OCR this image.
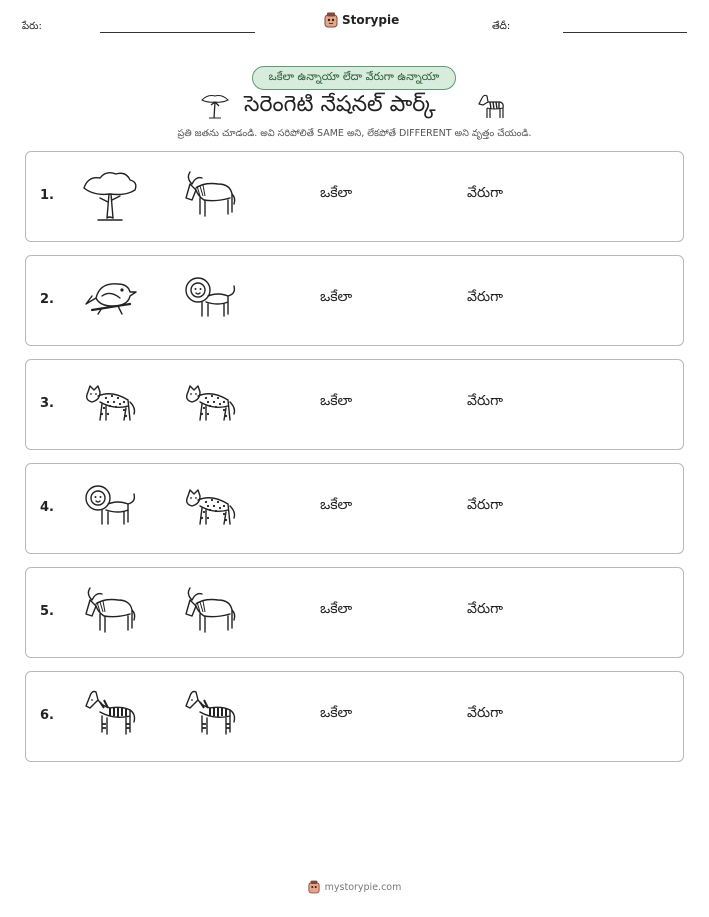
పేరు:	Storypie	తేదీ:
ఒకేలా ఉన్నాయా లేదా వేరుగా ఉన్నాయా
సెరెంగెటి నేషనల్ పార్క్
ప్రతి జతను చూడండి. అవి సరిపోలితే SAME అని, లేకపోతే DIFFERENT అని వృత్తం చేయండి.
1.	ఒకేలా	వేరుగా
2.	ఒకేలా	వేరుగా
3.	ఒకేలా	వేరుగా
4.	ఒకేలా	వేరుగా
5.	ఒకేలా	వేరుగా
6.	ఒకేలా	వేరుగా
mystorypie.com
